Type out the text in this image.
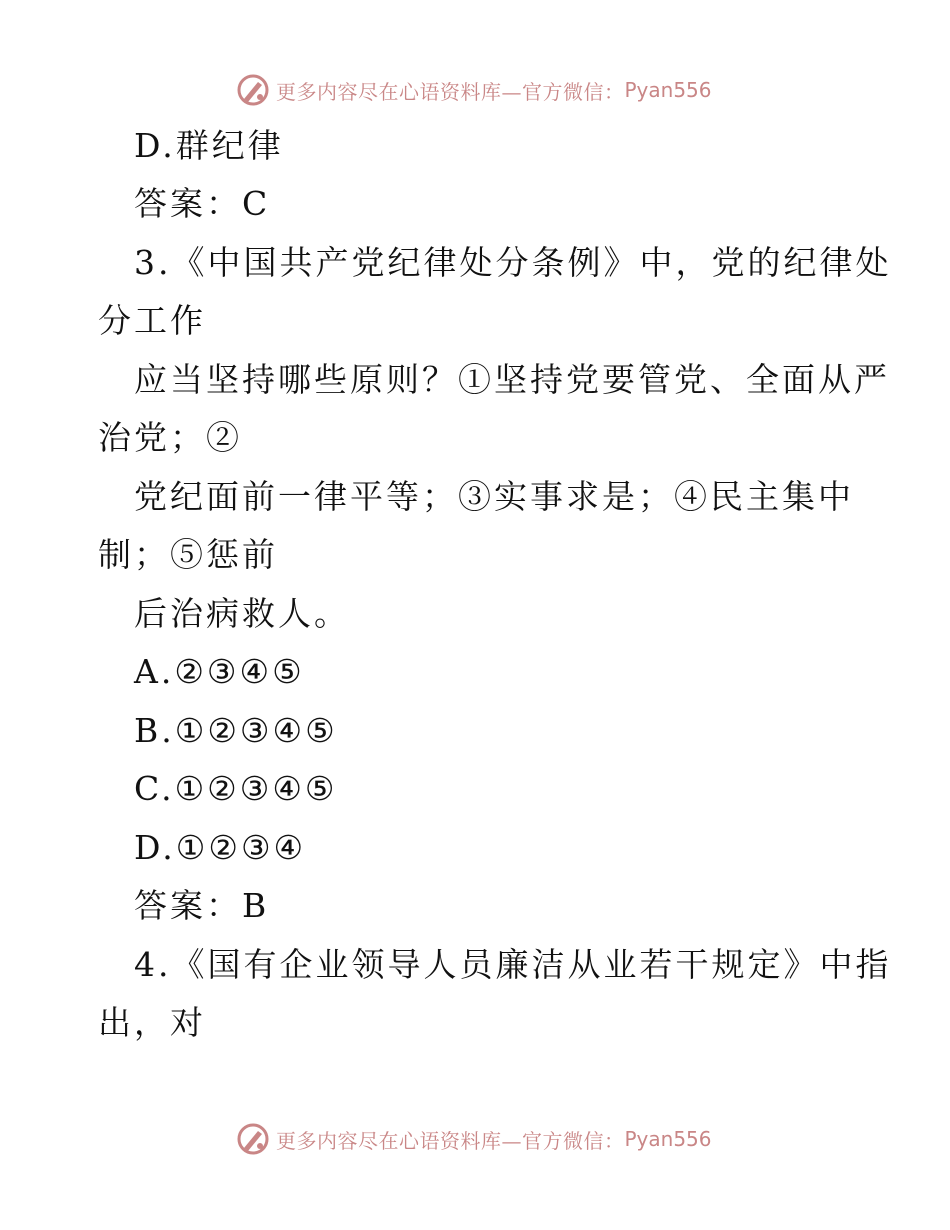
更多内容尽在心语资料库—官方微信： Pyan556
D.群纪律
答案：C
3.《中国共产党纪律处分条例》中，党的纪律处
分工作
应当坚持哪些原则？①坚持党要管党、全面从严
治党；②
党纪面前一律平等；③实事求是；④民主集中
制；⑤惩前
后治病救人。
A.②③④⑤
B.①②③④⑤
C.①②③④⑤
D.①②③④
答案：B
4.《国有企业领导人员廉洁从业若干规定》中指
出，对
更多内容尽在心语资料库—官方微信： Pyan556
